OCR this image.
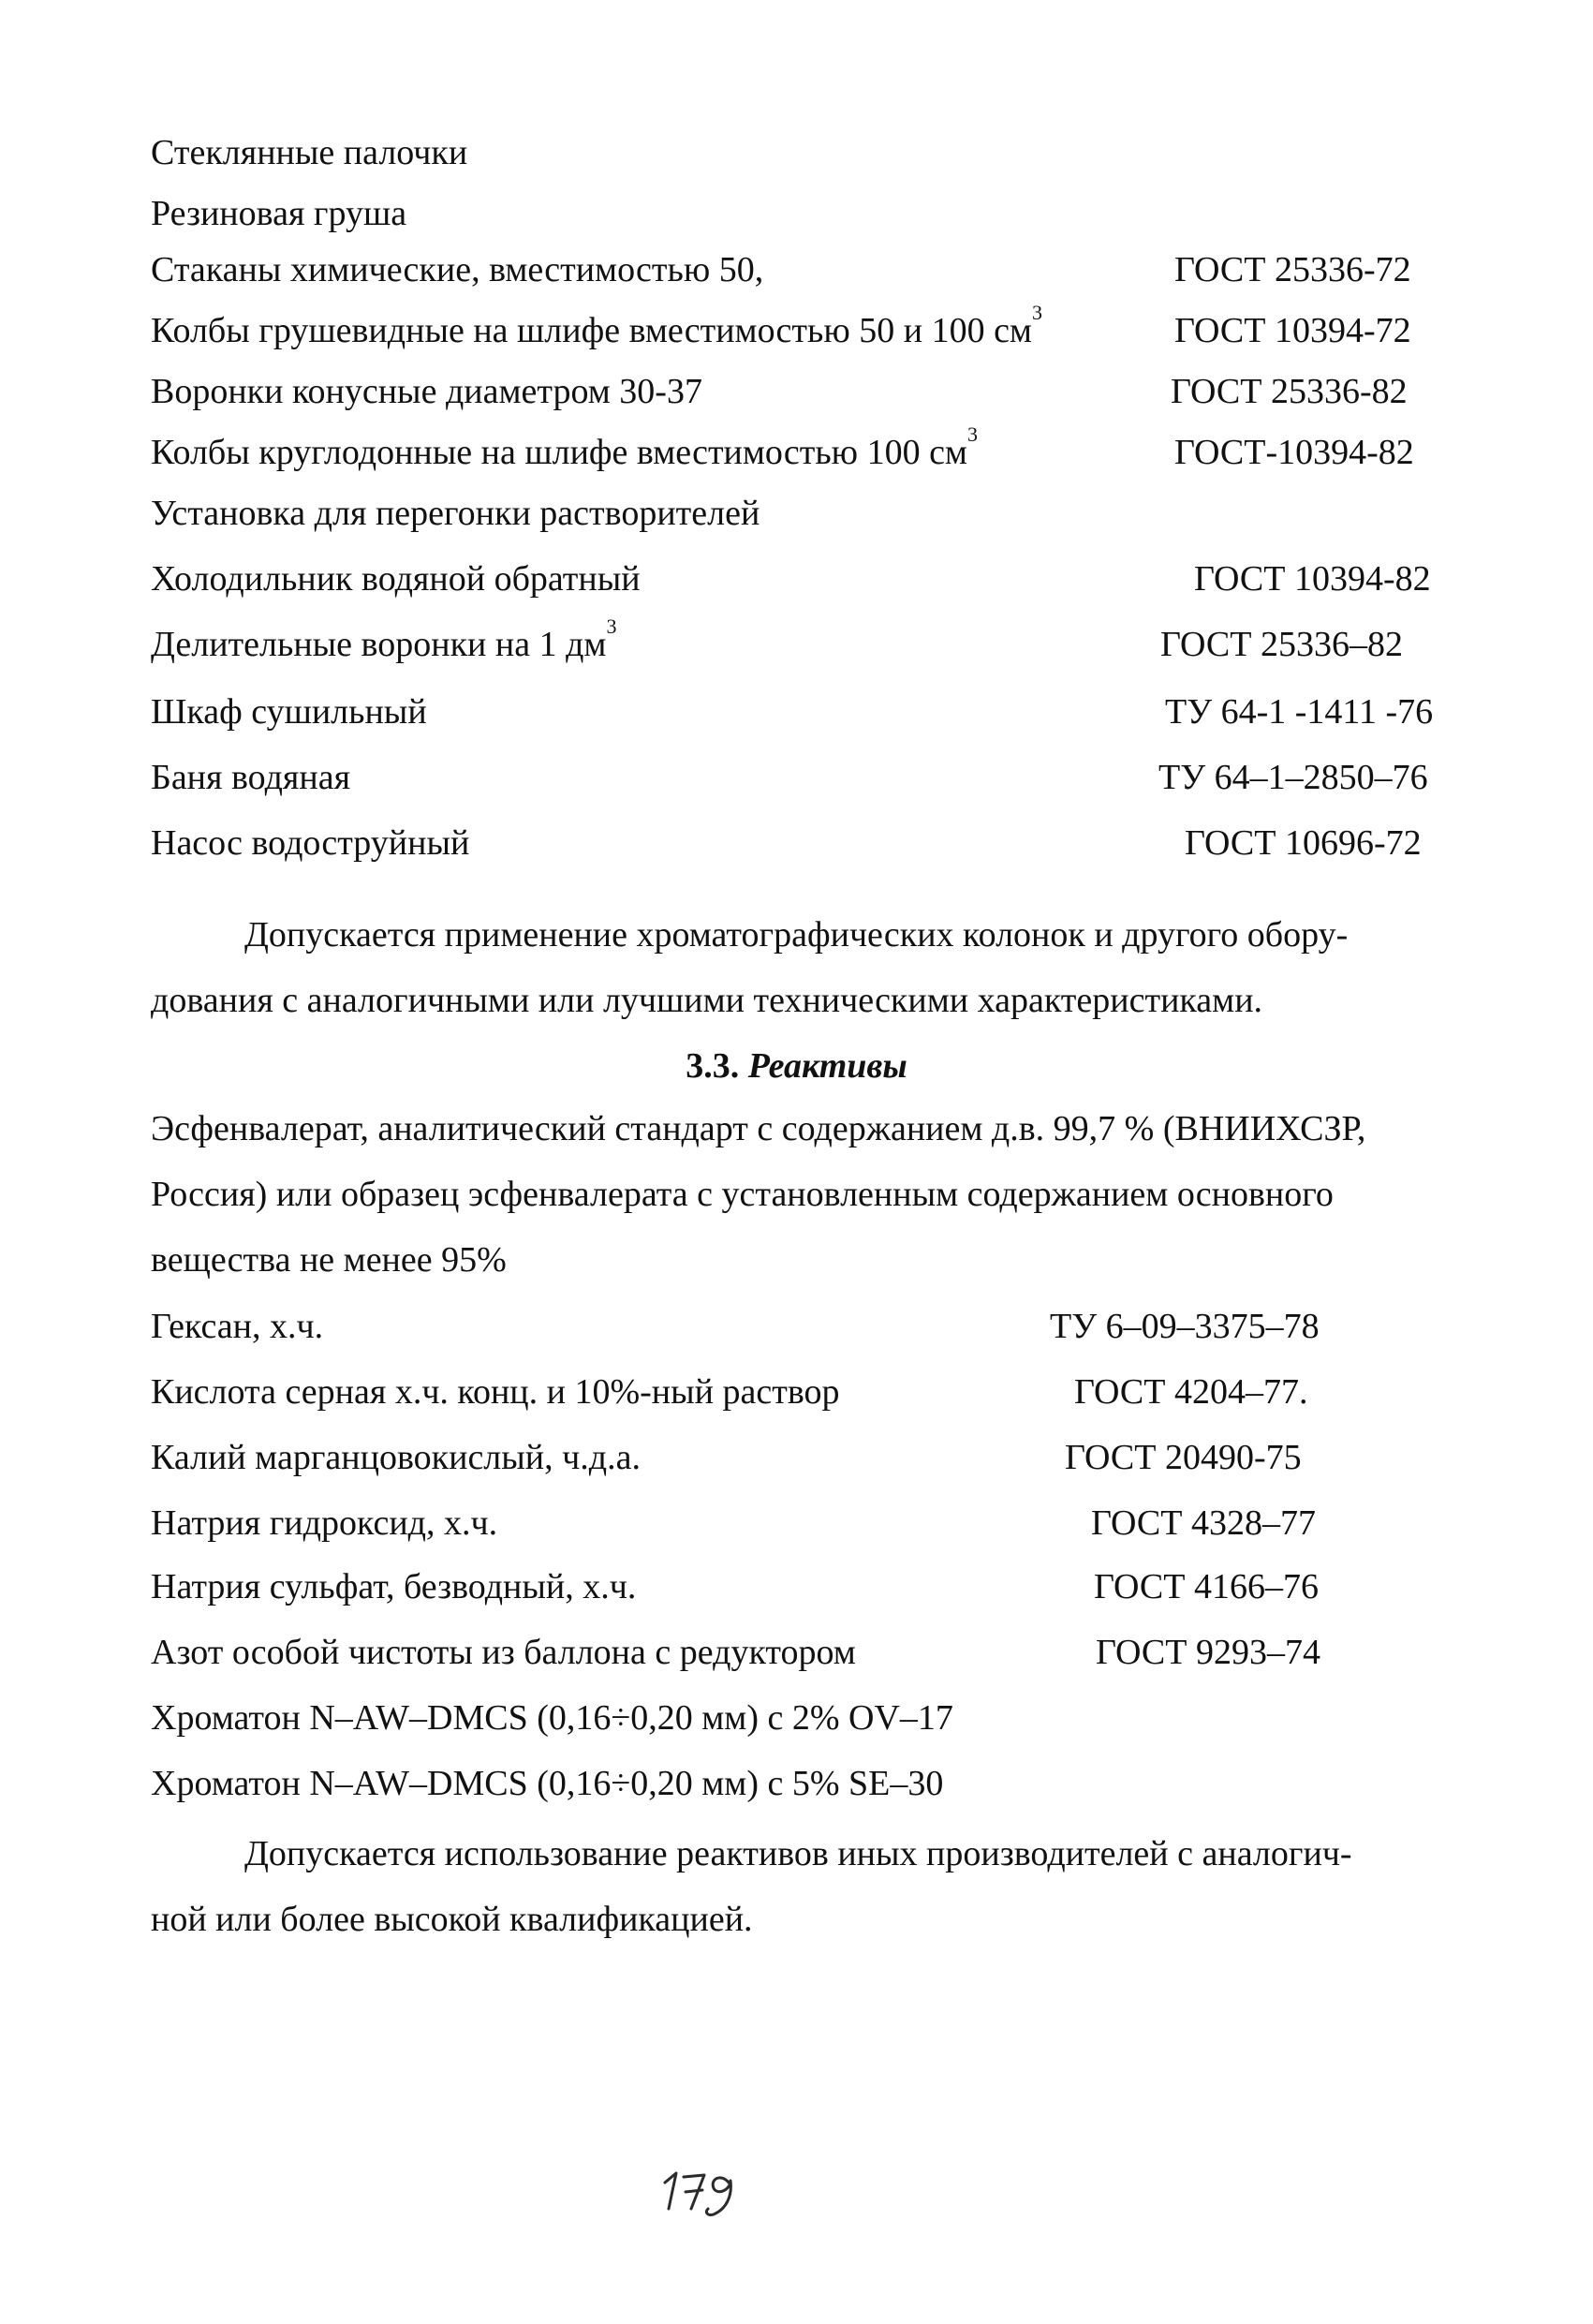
Стеклянные палочки
Резиновая груша
Стаканы химические, вместимостью 50,	ГОСТ 25336-72
Колбы грушевидные на шлифе вместимостью 50 и 100 $см^3$	ГОСТ 10394-72
Воронки конусные диаметром 30-37	ГОСТ 25336-82
Колбы круглодонные на шлифе вместимостью 100 $см^3$	ГОСТ-10394-82
Установка для перегонки растворителей
Холодильник водяной обратный	ГОСТ 10394-82
Делительные воронки на 1 $дм^3$	ГОСТ 25336–82
Шкаф сушильный	ТУ 64-1 -1411 -76
Баня водяная	ТУ 64–1–2850–76
Насос водоструйный	ГОСТ 10696-72
Допускается применение хроматографических колонок и другого обору-
дования с аналогичными или лучшими техническими характеристиками.
3.3. Реактивы
Эсфенвалерат, аналитический стандарт с содержанием д.в. 99,7 % (ВНИИХСЗР,
Россия) или образец эсфенвалерата с установленным содержанием основного
вещества не менее 95%
Гексан, х.ч.	ТУ 6–09–3375–78
Кислота серная х.ч. конц. и 10%-ный раствор	ГОСТ 4204–77.
Калий марганцовокислый, ч.д.а.	ГОСТ 20490-75
Натрия гидроксид, х.ч.	ГОСТ 4328–77
Натрия сульфат, безводный, х.ч.	ГОСТ 4166–76
Азот особой чистоты из баллона с редуктором	ГОСТ 9293–74
Хроматон N–AW–DMCS (0,16÷0,20 мм) с 2% OV–17
Хроматон N–AW–DMCS (0,16÷0,20 мм) с 5% SE–30
Допускается использование реактивов иных производителей с аналогич-
ной или более высокой квалификацией.
